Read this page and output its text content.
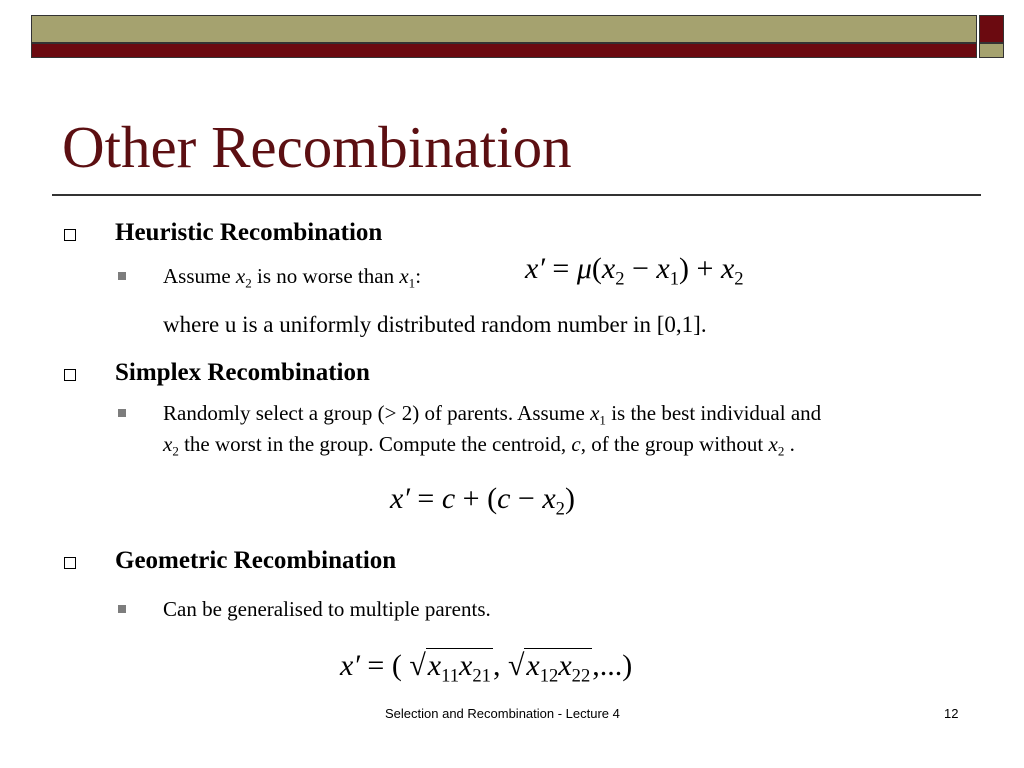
Other Recombination
Heuristic Recombination
Assume $x_2$ is no worse than $x_1$:	$x' = \mu(x_2 - x_1) + x_2$
where u is a uniformly distributed random number in [0,1].
Simplex Recombination
Randomly select a group (> 2) of parents. Assume $x_1$ is the best individual and
$x_2$ the worst in the group. Compute the centroid, c, of the group without $x_2$ .
$x' = c + (c - x_2)$
Geometric Recombination
Can be generalised to multiple parents.
x′ = ( $√x_{11}x_{21}$, $√x_{12}x_{22}$,...)
Selection and Recombination - Lecture 4	12
